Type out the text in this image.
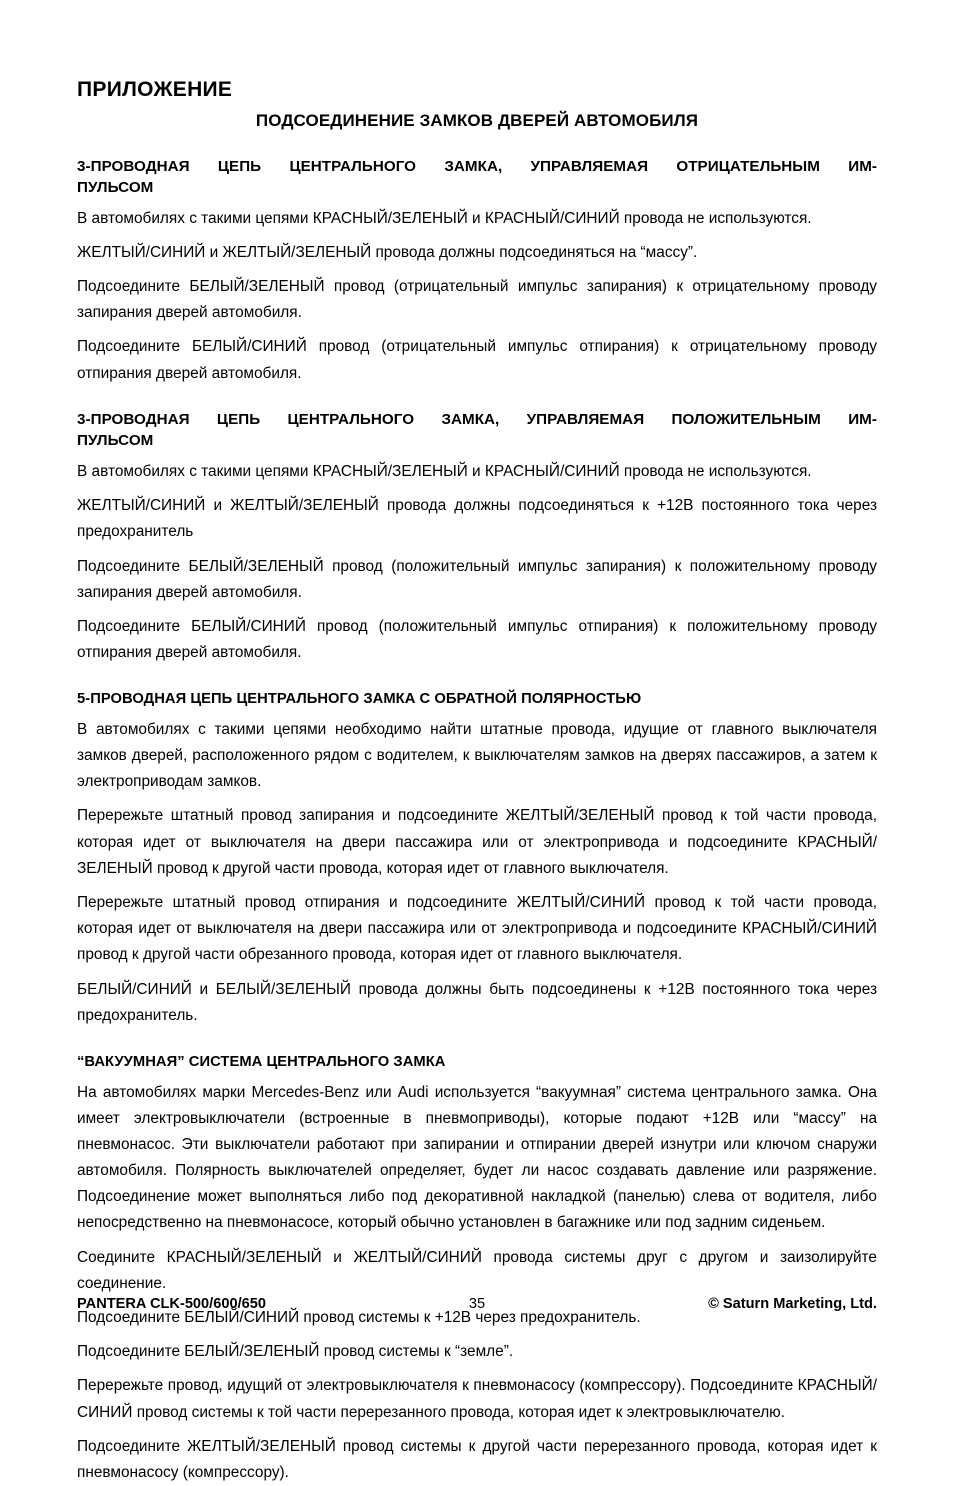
ПРИЛОЖЕНИЕ
ПОДСОЕДИНЕНИЕ ЗАМКОВ ДВЕРЕЙ АВТОМОБИЛЯ
3-ПРОВОДНАЯ ЦЕПЬ ЦЕНТРАЛЬНОГО ЗАМКА, УПРАВЛЯЕМАЯ ОТРИЦАТЕЛЬНЫМ ИМ-
ПУЛЬСОМ

В автомобилях с такими цепями КРАСНЫЙ/ЗЕЛЕНЫЙ и КРАСНЫЙ/СИНИЙ провода не используются.

ЖЕЛТЫЙ/СИНИЙ и ЖЕЛТЫЙ/ЗЕЛЕНЫЙ провода должны подсоединяться на “массу”.

Подсоедините БЕЛЫЙ/ЗЕЛЕНЫЙ провод (отрицательный импульс запирания) к отрицательному проводу запирания дверей автомобиля.

Подсоедините БЕЛЫЙ/СИНИЙ провод (отрицательный импульс отпирания) к отрицательному проводу отпирания дверей автомобиля.

3-ПРОВОДНАЯ ЦЕПЬ ЦЕНТРАЛЬНОГО ЗАМКА, УПРАВЛЯЕМАЯ ПОЛОЖИТЕЛЬНЫМ ИМ-
ПУЛЬСОМ

В автомобилях с такими цепями КРАСНЫЙ/ЗЕЛЕНЫЙ и КРАСНЫЙ/СИНИЙ провода не используются.

ЖЕЛТЫЙ/СИНИЙ и ЖЕЛТЫЙ/ЗЕЛЕНЫЙ провода должны подсоединяться к +12В постоянного тока через предохранитель

Подсоедините БЕЛЫЙ/ЗЕЛЕНЫЙ провод (положительный импульс запирания) к положительному проводу запирания дверей автомобиля.

Подсоедините БЕЛЫЙ/СИНИЙ провод (положительный импульс отпирания) к положительному проводу отпирания дверей автомобиля.

5-ПРОВОДНАЯ ЦЕПЬ ЦЕНТРАЛЬНОГО ЗАМКА С ОБРАТНОЙ ПОЛЯРНОСТЬЮ

В автомобилях с такими цепями необходимо найти штатные провода, идущие от главного выключателя замков дверей, расположенного рядом с водителем, к выключателям замков на дверях пассажиров, а затем к электроприводам замков.

Перережьте штатный провод запирания и подсоедините ЖЕЛТЫЙ/ЗЕЛЕНЫЙ провод к той части провода, которая идет от выключателя на двери пассажира или от электропривода и подсоедините КРАСНЫЙ/ЗЕЛЕНЫЙ провод к другой части провода, которая идет от главного выключателя.

Перережьте штатный провод отпирания и подсоедините ЖЕЛТЫЙ/СИНИЙ провод к той части провода, которая идет от выключателя на двери пассажира или от электропривода и подсоедините КРАСНЫЙ/СИНИЙ провод к другой части обрезанного провода, которая идет от главного выключателя.

БЕЛЫЙ/СИНИЙ и БЕЛЫЙ/ЗЕЛЕНЫЙ провода должны быть подсоединены к +12В постоянного тока через предохранитель.

“ВАКУУМНАЯ” СИСТЕМА ЦЕНТРАЛЬНОГО ЗАМКА

На автомобилях марки Mercedes-Benz или Audi используется “вакуумная” система центрального замка. Она имеет электровыключатели (встроенные в пневмоприводы), которые подают +12В или “массу” на пневмонасос. Эти выключатели работают при запирании и отпирании дверей изнутри или ключом снаружи автомобиля. Полярность выключателей определяет, будет ли насос создавать давление или разряжение. Подсоединение может выполняться либо под декоративной накладкой (панелью) слева от водителя, либо непосредственно на пневмонасосе, который обычно установлен в багажнике или под задним сиденьем.

Соедините КРАСНЫЙ/ЗЕЛЕНЫЙ и ЖЕЛТЫЙ/СИНИЙ провода системы друг с другом и заизолируйте соединение.

Подсоедините БЕЛЫЙ/СИНИЙ провод системы к +12В через предохранитель.

Подсоедините БЕЛЫЙ/ЗЕЛЕНЫЙ провод системы к “земле”.

Перережьте провод, идущий от электровыключателя к пневмонасосу (компрессору). Подсоедините КРАСНЫЙ/СИНИЙ провод системы к той части перерезанного провода, которая идет к электровыключателю.

Подсоедините ЖЕЛТЫЙ/ЗЕЛЕНЫЙ провод системы к другой части перерезанного провода, которая идет к пневмонасосу (компрессору).

PANTERA CLK-500/600/650	35	© Saturn Marketing, Ltd.
